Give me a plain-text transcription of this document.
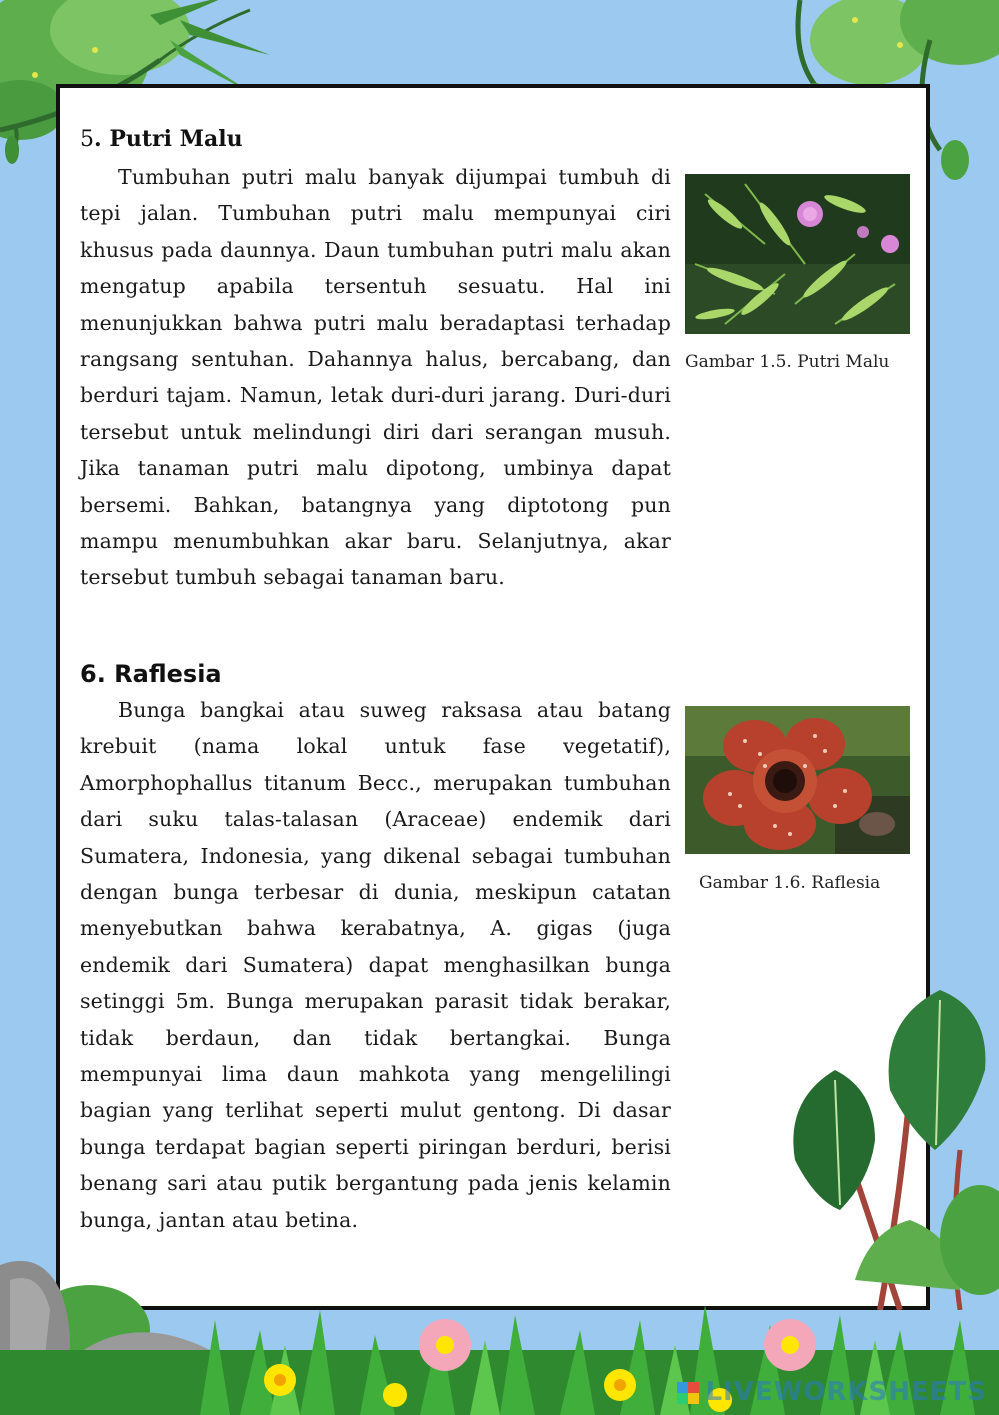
5. Putri Malu

Tumbuhan putri malu banyak dijumpai tumbuh di tepi jalan. Tumbuhan putri malu mempunyai ciri khusus pada daunnya. Daun tumbuhan putri malu akan mengatup apabila tersentuh sesuatu. Hal ini menunjukkan bahwa putri malu beradaptasi terhadap rangsang sentuhan. Dahannya halus, bercabang, dan berduri tajam. Namun, letak duri-duri jarang. Duri-duri tersebut untuk melindungi diri dari serangan musuh. Jika tanaman putri malu dipotong, umbinya dapat bersemi. Bahkan, batangnya yang diptotong pun mampu menumbuhkan akar baru. Selanjutnya, akar tersebut tumbuh sebagai tanaman baru.

Gambar 1.5. Putri Malu

6. Raflesia

Bunga bangkai atau suweg raksasa atau batang krebuit (nama lokal untuk fase vegetatif), Amorphophallus titanum Becc., merupakan tumbuhan dari suku talas-talasan (Araceae) endemik dari Sumatera, Indonesia, yang dikenal sebagai tumbuhan dengan bunga terbesar di dunia, meskipun catatan menyebutkan bahwa kerabatnya, A. gigas (juga endemik dari Sumatera) dapat menghasilkan bunga setinggi 5m. Bunga merupakan parasit tidak berakar, tidak berdaun, dan tidak bertangkai. Bunga mempunyai lima daun mahkota yang mengelilingi bagian yang terlihat seperti mulut gentong. Di dasar bunga terdapat bagian seperti piringan berduri, berisi benang sari atau putik bergantung pada jenis kelamin bunga, jantan atau betina.

Gambar 1.6. Raflesia

LIVEWORKSHEETS
